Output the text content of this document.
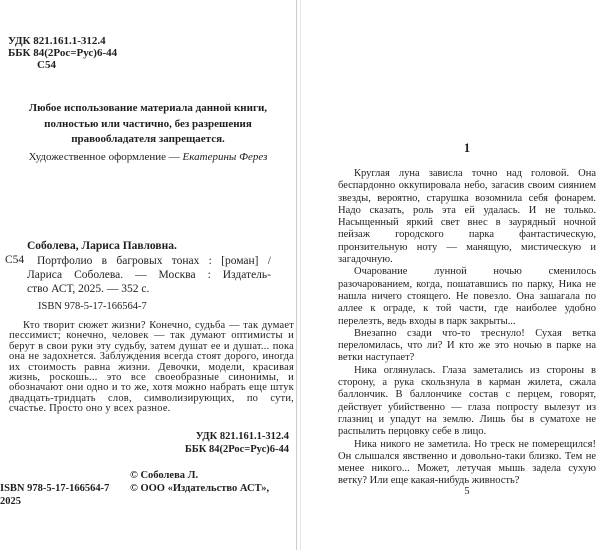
УДК 821.161.1-312.4
ББК 84(2Рос=Рус)6-44
С54
Любое использование материала данной книги,
полностью или частично, без разрешения
правообладателя запрещается.
Художественное оформление — Екатерины Ферез
Соболева, Лариса Павловна.
С54	Портфолио в багровых тонах : [роман] /
Лариса Соболева. — Москва : Издатель-
ство АСТ, 2025. — 352 с.
ISBN 978-5-17-166564-7
Кто творит сюжет жизни? Конечно, судьба — так думает пессимист; конечно, человек — так думают оптимисты и берут в свои руки эту судьбу, затем душат ее и душат... пока она не задохнется. Заблуждения всегда стоят дорого, иногда их стоимость равна жизни. Девочки, модели, красивая жизнь, роскошь... это все своеобразные синонимы, и обозначают они одно и то же, хотя можно набрать еще штук двадцать-тридцать слов, символизирующих, по сути, счастье. Просто оно у всех разное.
УДК 821.161.1-312.4
ББК 84(2Рос=Рус)6-44
© Соболева Л.
ISBN 978-5-17-166564-7 © ООО «Издательство АСТ», 2025
1

Круглая луна зависла точно над головой. Она беспардонно оккупировала небо, загасив своим сиянием звезды, вероятно, старушка возомнила себя фонарем. Надо сказать, роль эта ей удалась. И не только. Насыщенный яркий свет внес в заурядный ночной пейзаж городского парка фантастическую, пронзительную ноту — манящую, мистическую и загадочную.

Очарование лунной ночью сменилось разочарованием, когда, пошатавшись по парку, Ника не нашла ничего стоящего. Не повезло. Она зашагала по аллее к ограде, к той части, где наиболее удобно перелезть, ведь входы в парк закрыты...

Внезапно сзади что-то треснуло! Сухая ветка переломилась, что ли? И кто же это ночью в парке на ветки наступает?

Ника оглянулась. Глаза заметались из стороны в сторону, а рука скользнула в карман жилета, сжала баллончик. В баллончике состав с перцем, говорят, действует убийственно — глаза попросту вылезут из глазниц и упадут на землю. Лишь бы в суматохе не распылить перцовку себе в лицо.

Ника никого не заметила. Но треск не померещился! Он слышался явственно и довольно-таки близко. Тем не менее никого... Может, летучая мышь задела сухую ветку? Или еще какая-нибудь живность?

5
